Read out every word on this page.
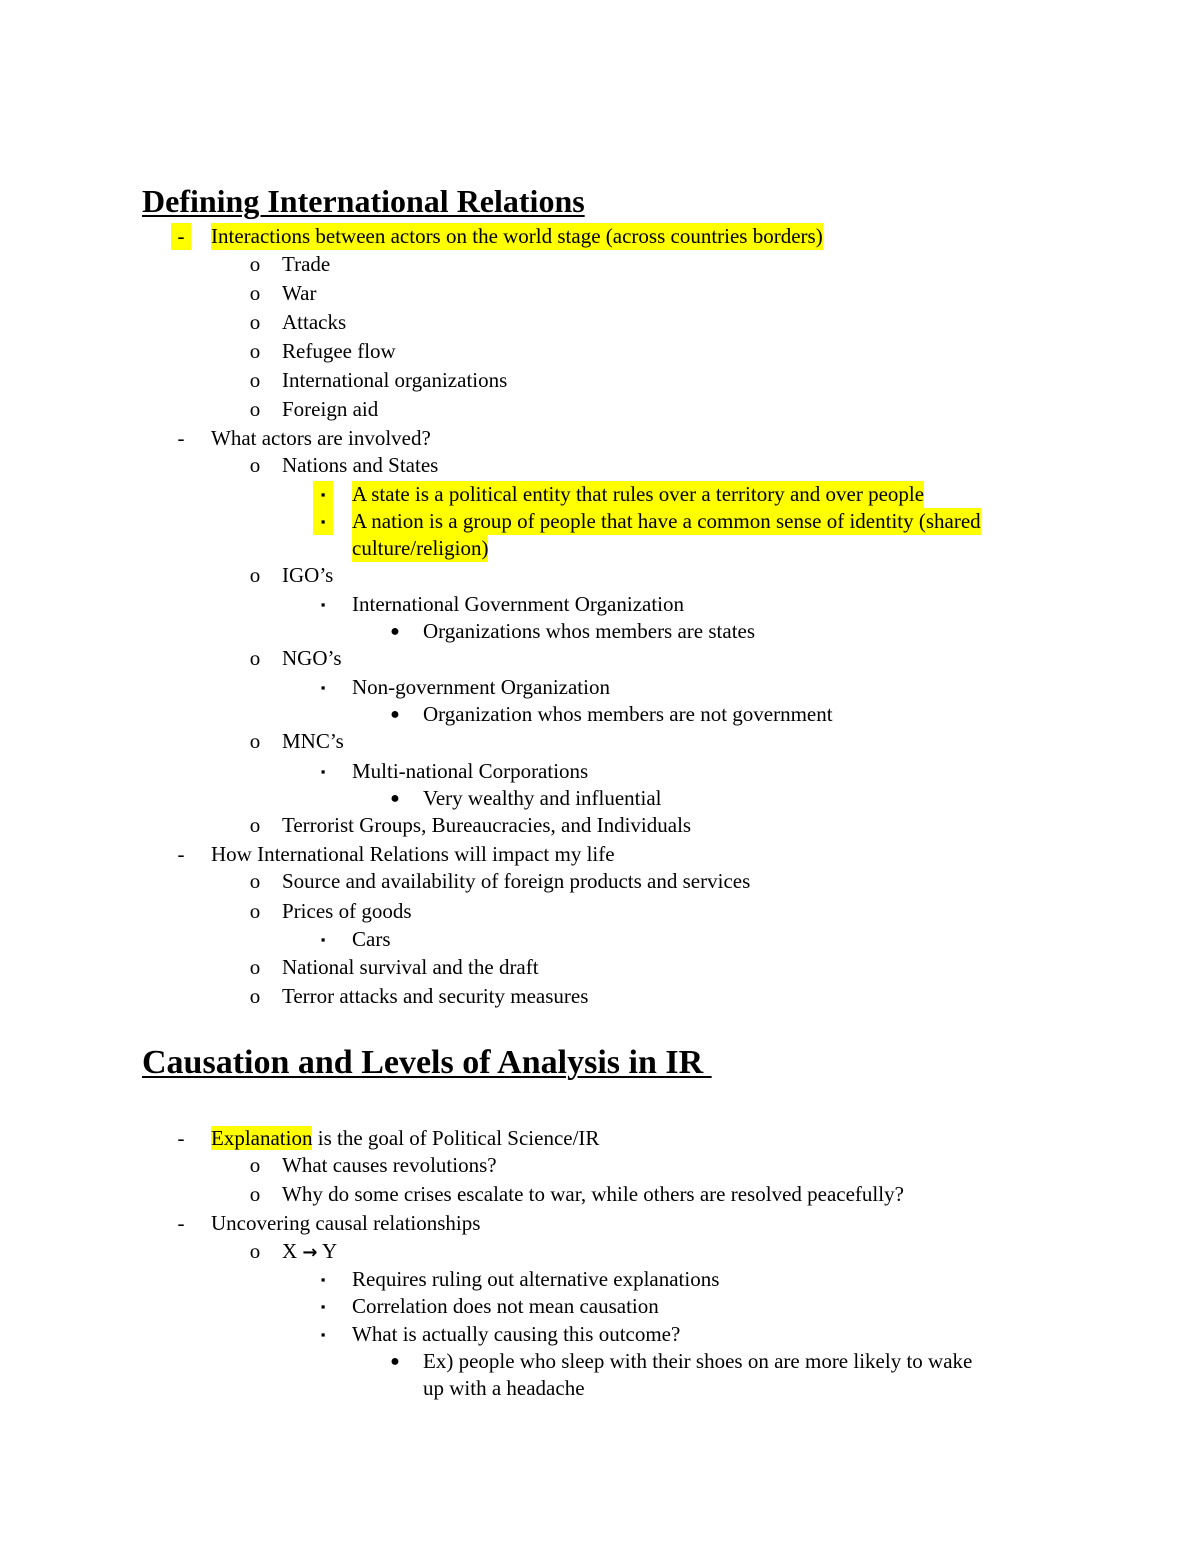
Defining International Relations
-	Interactions between actors on the world stage (across countries borders)
o Trade
o War
o Attacks
o Refugee flow
o International organizations
o Foreign aid
-	What actors are involved?
o Nations and States
▪	A state is a political entity that rules over a territory and over people
▪	A nation is a group of people that have a common sense of identity (shared
culture/religion)
o IGO’s
▪	International Government Organization
● Organizations whos members are states
o NGO’s
▪	Non-government Organization
● Organization whos members are not government
o MNC’s
▪	Multi-national Corporations
● Very wealthy and influential
o Terrorist Groups, Bureaucracies, and Individuals
-	How International Relations will impact my life
o Source and availability of foreign products and services
o Prices of goods
▪	Cars
o National survival and the draft
o Terror attacks and security measures
Causation and Levels of Analysis in IR
-	Explanation is the goal of Political Science/IR
o What causes revolutions?
o Why do some crises escalate to war, while others are resolved peacefully?
-	Uncovering causal relationships
o X → Y
▪	Requires ruling out alternative explanations
▪	Correlation does not mean causation
▪	What is actually causing this outcome?
● Ex) people who sleep with their shoes on are more likely to wake
up with a headache
